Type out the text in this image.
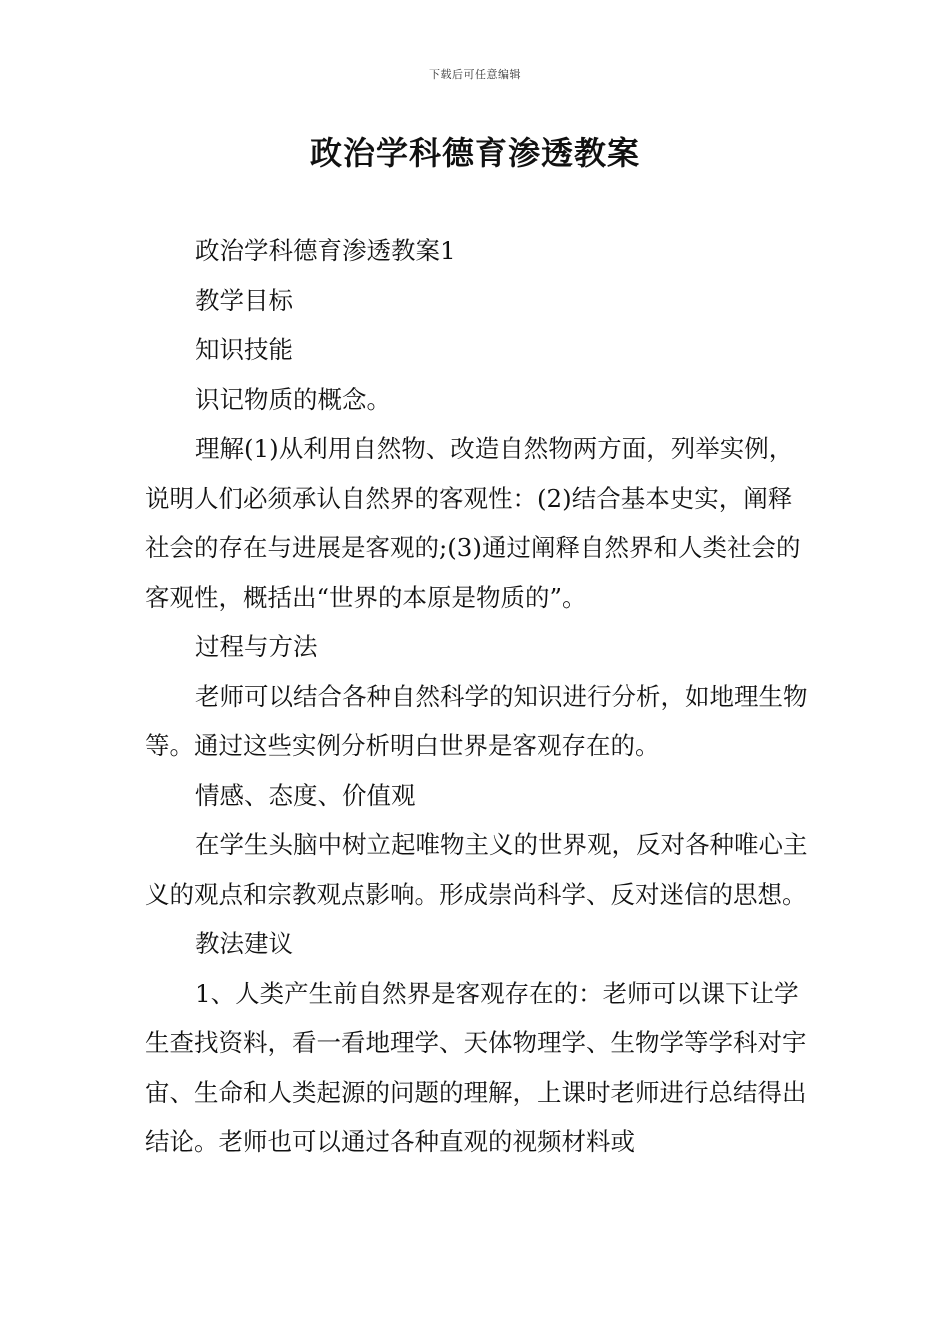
下载后可任意编辑
政治学科德育渗透教案

政治学科德育渗透教案1

教学目标

知识技能

识记物质的概念。

理解(1)从利用自然物、改造自然物两方面，列举实例，说明人们必须承认自然界的客观性：(2)结合基本史实，阐释社会的存在与进展是客观的;(3)通过阐释自然界和人类社会的客观性，概括出“世界的本原是物质的”。

过程与方法

老师可以结合各种自然科学的知识进行分析，如地理生物等。通过这些实例分析明白世界是客观存在的。

情感、态度、价值观

在学生头脑中树立起唯物主义的世界观，反对各种唯心主义的观点和宗教观点影响。形成崇尚科学、反对迷信的思想。

教法建议

1、人类产生前自然界是客观存在的：老师可以课下让学生查找资料，看一看地理学、天体物理学、生物学等学科对宇宙、生命和人类起源的问题的理解，上课时老师进行总结得出结论。老师也可以通过各种直观的视频材料或
